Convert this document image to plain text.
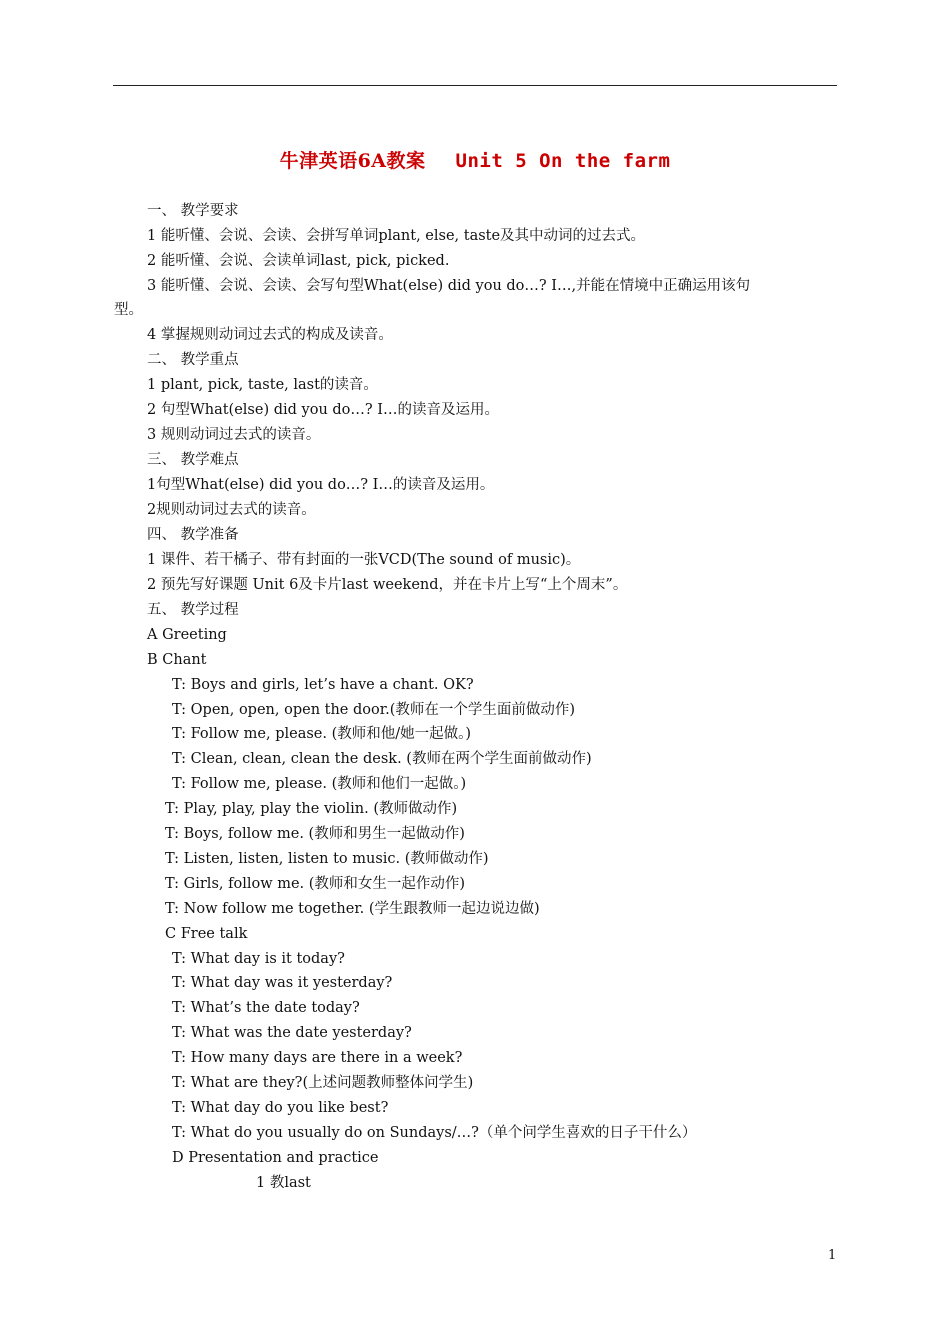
牛津英语6A教案 Unit 5 On the farm
一、 教学要求
1 能听懂、会说、会读、会拼写单词plant, else, taste及其中动词的过去式。
2 能听懂、会说、会读单词last, pick, picked.
3 能听懂、会说、会读、会写句型What(else) did you do…? I…,并能在情境中正确运用该句
型。
4 掌握规则动词过去式的构成及读音。
二、 教学重点
1 plant, pick, taste, last的读音。
2 句型What(else) did you do…? I…的读音及运用。
3 规则动词过去式的读音。
三、 教学难点
1句型What(else) did you do…? I…的读音及运用。
2规则动词过去式的读音。
四、 教学准备
1 课件、若干橘子、带有封面的一张VCD(The sound of music)。
2 预先写好课题 Unit 6及卡片last weekend，并在卡片上写“上个周末”。
五、 教学过程
A Greeting
B Chant
T: Boys and girls, let’s have a chant. OK?
T: Open, open, open the door.(教师在一个学生面前做动作)
T: Follow me, please. (教师和他/她一起做。)
T: Clean, clean, clean the desk. (教师在两个学生面前做动作)
T: Follow me, please. (教师和他们一起做。)
T: Play, play, play the violin. (教师做动作)
T: Boys, follow me. (教师和男生一起做动作)
T: Listen, listen, listen to music. (教师做动作)
T: Girls, follow me. (教师和女生一起作动作)
T: Now follow me together. (学生跟教师一起边说边做)
C Free talk
T: What day is it today?
T: What day was it yesterday?
T: What’s the date today?
T: What was the date yesterday?
T: How many days are there in a week?
T: What are they?(上述问题教师整体问学生)
T: What day do you like best?
T: What do you usually do on Sundays/…?（单个问学生喜欢的日子干什么）
D Presentation and practice
1 教last
1
